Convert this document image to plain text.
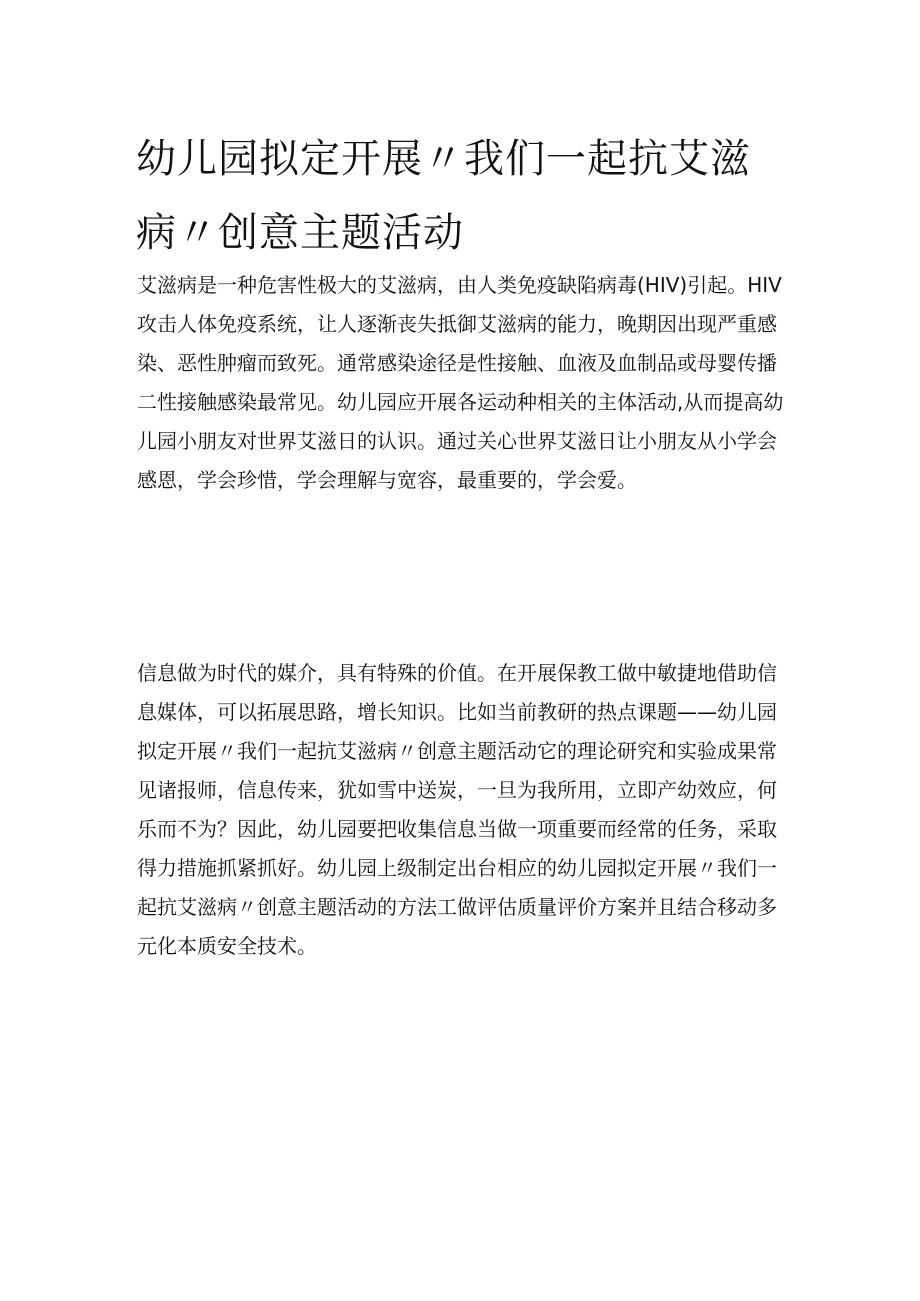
幼儿园拟定开展〃我们一起抗艾滋
病〃创意主题活动
艾滋病是一种危害性极大的艾滋病，由人类免疫缺陷病毒(HIV)引起。HIV
攻击人体免疫系统，让人逐渐丧失抵御艾滋病的能力，晚期因出现严重感
染、恶性肿瘤而致死。通常感染途径是性接触、血液及血制品或母婴传播
二性接触感染最常见。幼儿园应开展各运动种相关的主体活动,从而提高幼
儿园小朋友对世界艾滋日的认识。通过关心世界艾滋日让小朋友从小学会
感恩，学会珍惜，学会理解与宽容，最重要的，学会爱。
信息做为时代的媒介，具有特殊的价值。在开展保教工做中敏捷地借助信
息媒体，可以拓展思路，增长知识。比如当前教研的热点课题——幼儿园
拟定开展〃我们一起抗艾滋病〃创意主题活动它的理论研究和实验成果常
见诸报师，信息传来，犹如雪中送炭，一旦为我所用，立即产幼效应，何
乐而不为？因此，幼儿园要把收集信息当做一项重要而经常的任务，采取
得力措施抓紧抓好。幼儿园上级制定出台相应的幼儿园拟定开展〃我们一
起抗艾滋病〃创意主题活动的方法工做评估质量评价方案并且结合移动多
元化本质安全技术。
